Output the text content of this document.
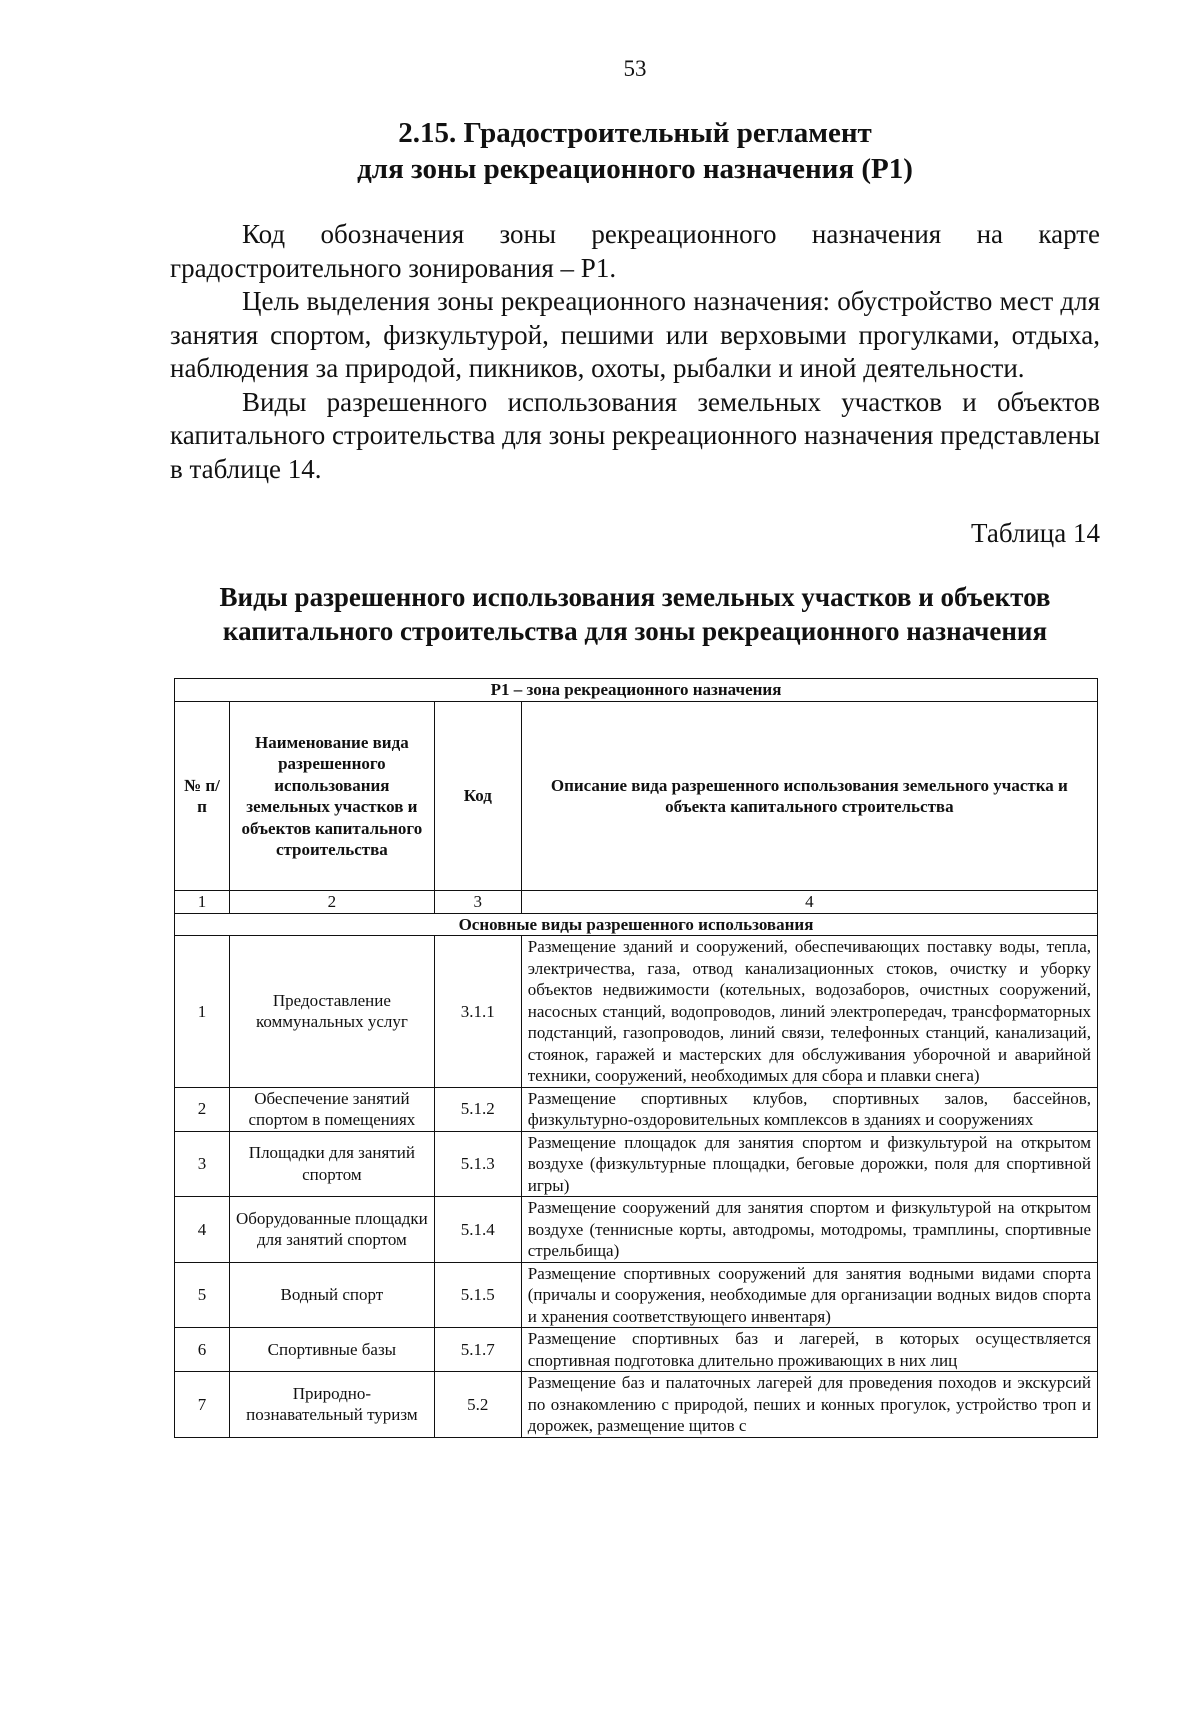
53
2.15. Градостроительный регламент
для зоны рекреационного назначения (Р1)

Код обозначения зоны рекреационного назначения на карте градостроительного зонирования – Р1.

Цель выделения зоны рекреационного назначения: обустройство мест для занятия спортом, физкультурой, пешими или верховыми прогулками, отдыха, наблюдения за природой, пикников, охоты, рыбалки и иной деятельности.

Виды разрешенного использования земельных участков и объектов капитального строительства для зоны рекреационного назначения представлены в таблице 14.

Таблица 14
Виды разрешенного использования земельных участков и объектов
капитального строительства для зоны рекреационного назначения
Р1 – зона рекреационного назначения			
№ п/п	Наименование вида разрешенного использования земельных участков и объектов капитального строительства	Код	Описание вида разрешенного использования земельного участка и объекта капитального строительства
1	2	3	4
Основные виды разрешенного использования			
1	Предоставление коммунальных услуг	3.1.1	Размещение зданий и сооружений, обеспечивающих поставку воды, тепла, электричества, газа, отвод канализационных стоков, очистку и уборку объектов недвижимости (котельных, водозаборов, очистных сооружений, насосных станций, водопроводов, линий электропередач, трансформаторных подстанций, газопроводов, линий связи, телефонных станций, канализаций, стоянок, гаражей и мастерских для обслуживания уборочной и аварийной техники, сооружений, необходимых для сбора и плавки снега)
2	Обеспечение занятий спортом в помещениях	5.1.2	Размещение спортивных клубов, спортивных залов, бассейнов, физкультурно-оздоровительных комплексов в зданиях и сооружениях
3	Площадки для занятий спортом	5.1.3	Размещение площадок для занятия спортом и физкультурой на открытом воздухе (физкультурные площадки, беговые дорожки, поля для спортивной игры)
4	Оборудованные площадки для занятий спортом	5.1.4	Размещение сооружений для занятия спортом и физкультурой на открытом воздухе (теннисные корты, автодромы, мотодромы, трамплины, спортивные стрельбища)
5	Водный спорт	5.1.5	Размещение спортивных сооружений для занятия водными видами спорта (причалы и сооружения, необходимые для организации водных видов спорта и хранения соответствующего инвентаря)
6	Спортивные базы	5.1.7	Размещение спортивных баз и лагерей, в которых осуществляется спортивная подготовка длительно проживающих в них лиц
7	Природно-познавательный туризм	5.2	Размещение баз и палаточных лагерей для проведения походов и экскурсий по ознакомлению с природой, пеших и конных прогулок, устройство троп и дорожек, размещение щитов с
